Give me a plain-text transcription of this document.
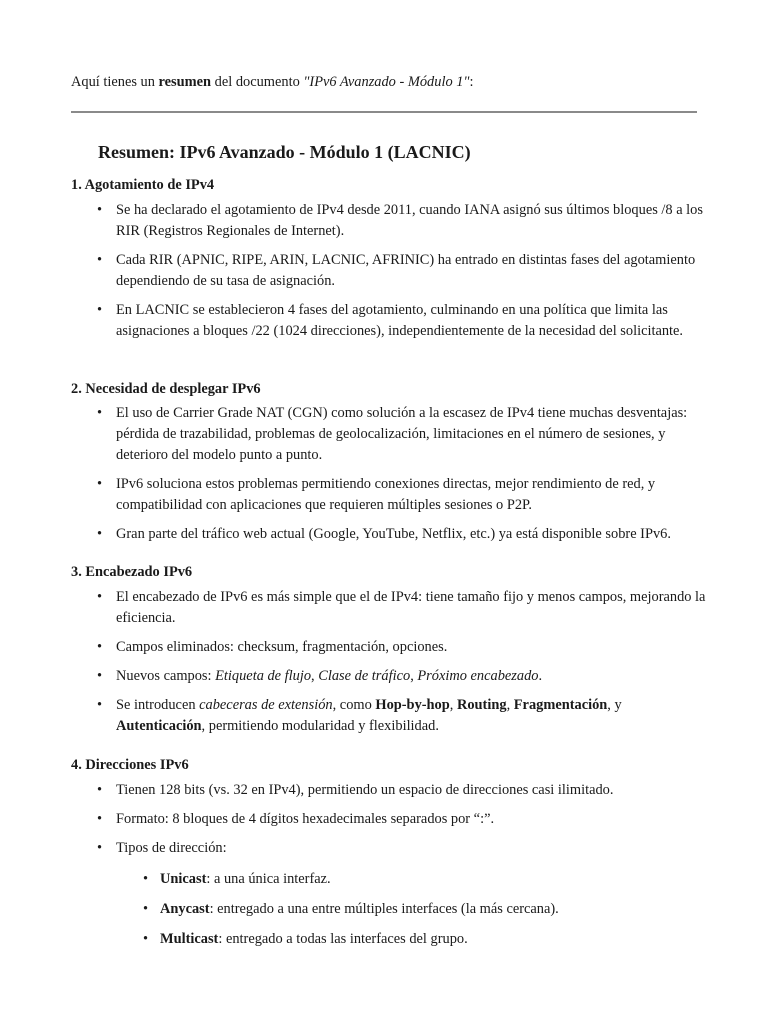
Aquí tienes un resumen del documento "IPv6 Avanzado - Módulo 1":

Resumen: IPv6 Avanzado - Módulo 1 (LACNIC)
1. Agotamiento de IPv4
• Se ha declarado el agotamiento de IPv4 desde 2011, cuando IANA asignó sus últimos bloques /8 a los RIR (Registros Regionales de Internet).
• Cada RIR (APNIC, RIPE, ARIN, LACNIC, AFRINIC) ha entrado en distintas fases del agotamiento dependiendo de su tasa de asignación.
• En LACNIC se establecieron 4 fases del agotamiento, culminando en una política que limita las asignaciones a bloques /22 (1024 direcciones), independientemente de la necesidad del solicitante.
2. Necesidad de desplegar IPv6
• El uso de Carrier Grade NAT (CGN) como solución a la escasez de IPv4 tiene muchas desventajas: pérdida de trazabilidad, problemas de geolocalización, limitaciones en el número de sesiones, y deterioro del modelo punto a punto.
• IPv6 soluciona estos problemas permitiendo conexiones directas, mejor rendimiento de red, y compatibilidad con aplicaciones que requieren múltiples sesiones o P2P.
• Gran parte del tráfico web actual (Google, YouTube, Netflix, etc.) ya está disponible sobre IPv6.
3. Encabezado IPv6
• El encabezado de IPv6 es más simple que el de IPv4: tiene tamaño fijo y menos campos, mejorando la eficiencia.
• Campos eliminados: checksum, fragmentación, opciones.
• Nuevos campos: Etiqueta de flujo, Clase de tráfico, Próximo encabezado.
• Se introducen cabeceras de extensión, como Hop-by-hop, Routing, Fragmentación, y Autenticación, permitiendo modularidad y flexibilidad.
4. Direcciones IPv6
• Tienen 128 bits (vs. 32 en IPv4), permitiendo un espacio de direcciones casi ilimitado.
• Formato: 8 bloques de 4 dígitos hexadecimales separados por “:”.
• Tipos de dirección:
• Unicast: a una única interfaz.
• Anycast: entregado a una entre múltiples interfaces (la más cercana).
• Multicast: entregado a todas las interfaces del grupo.
